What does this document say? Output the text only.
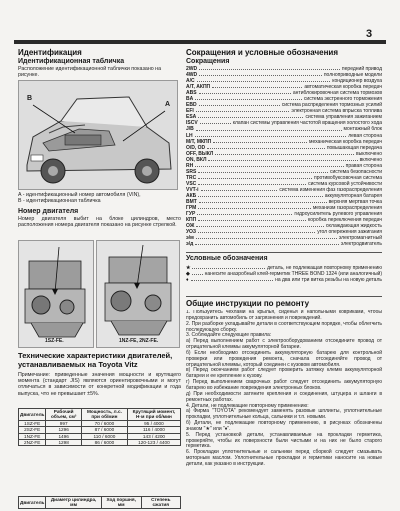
3
Идентификация
Идентификационная табличка
Расположение идентификационной таблички показано на рисунке.
B
A
A - идентификационный номер автомобиля (VIN),
B - идентификационная табличка
Номер двигателя
Номер двигателя выбит на блоке цилиндров, место расположения номера двигателя показано на рисунке стрелкой.
1SZ-FE.	1NZ-FE, 2NZ-FE.
Технические характеристики двигателей, устанавливаемых на Toyota Vitz
Примечание: приведенные значения мощности и крутящего момента (стандарт JIS) являются ориентировочными и могут отличаться в зависимости от конкретной модификации и года выпуска, что не превышает ±5%.
Двигатель	Рабочий объем, см³	Мощность, л.с. при об/мин	Крутящий момент, Н·м при об/мин
1SZ-FE	997	70 / 6000	95 / 4000
2SZ-FE	1296	87 / 6000	116 / 4000
1NZ-FE	1496	110 / 6000	143 / 4200
2NZ-FE	1298	86 / 6000	120-123 / 4400
Двигатель	Диаметр цилиндра, мм	Ход поршня, мм	Степень сжатия
Сокращения и условные обозначения
Сокращения
2WD	передний привод
4WD	полноприводные модели
A/C	кондиционер воздуха
A/T, АКПП	автоматическая коробка передач
ABS	антиблокировочная система тормозов
BA	система экстренного торможения
EBD	система распределения тормозных усилий
EFI	электронная система впрыска топлива
ESA	система управления зажиганием
ISCV	клапан системы управления частотой вращения холостого хода
J/B	монтажный блок
LH	левая сторона
M/T, МКПП	механическая коробка передач
O/D, OD	повышающая передача
OFF, ВЫКЛ	выключено
ON, ВКЛ	включено
RH	правая сторона
SRS	система безопасности
TRC	противобуксовочная система
VSC	система курсовой устойчивости
VVT-i	система изменения фаз газораспределения
АКБ	аккумуляторная батарея
ВМТ	верхняя мертвая точка
ГРМ	механизм газораспределения
ГУР	гидроусилитель рулевого управления
КПП	коробка переключения передач
ОЖ	охлаждающая жидкость
УОЗ	угол опережения зажигания
э/м	электромагнитный
э/д	электродвигатель
Условные обозначения
★	деталь, не подлежащая повторному применению
◆	нанесите анаэробный клей-герметик THREE BOND 1324 (или аналогичный)
♦	на два или три витка резьбы на новую деталь
Общие инструкции по ремонту
1. Пользуйтесь чехлами на крылья, сиденья и напольными ковриками, чтобы предохранить автомобиль от загрязнения и повреждений.
2. При разборке укладывайте детали в соответствующем порядке, чтобы облегчить последующую сборку.
3. Соблюдайте следующие правила:
a) Перед выполнением работ с электрооборудованием отсоедините провод от отрицательной клеммы аккумуляторной батареи.
б) Если необходимо отсоединить аккумуляторную батарею для контрольной проверки или проведения ремонта, сначала отсоединяйте провод от отрицательной клеммы, который соединен с кузовом автомобиля.
в) Перед окончанием работ следует проверить затяжку клемм аккумуляторной батареи и ее крепление к кузову.
г) Перед выполнением сварочных работ следует отсоединить аккумуляторную батарею во избежание повреждения электронных блоков.
д) При необходимости затяните крепления и соединения, штуцера и шланги в ремонтных работах.
4. Детали, не подлежащие повторному применению:
a) Фирма "TOYOTA" рекомендует заменять разовые шплинты, уплотнительные прокладки, уплотнительные кольца, сальники и т.п. новыми.
б) Детали, не подлежащие повторному применению, в рисунках обозначены знаком "★" или "♦".
5. Перед установкой детали, устанавливаемые на прокладки герметика, проверяйте, чтобы их поверхности были чистыми и на них не было старого герметика.
6. Прокладки уплотнительные и сальники перед сборкой следует смазывать моторным маслом. Уплотнительные прокладки и герметики наносите на новые детали, как указано в инструкции.
